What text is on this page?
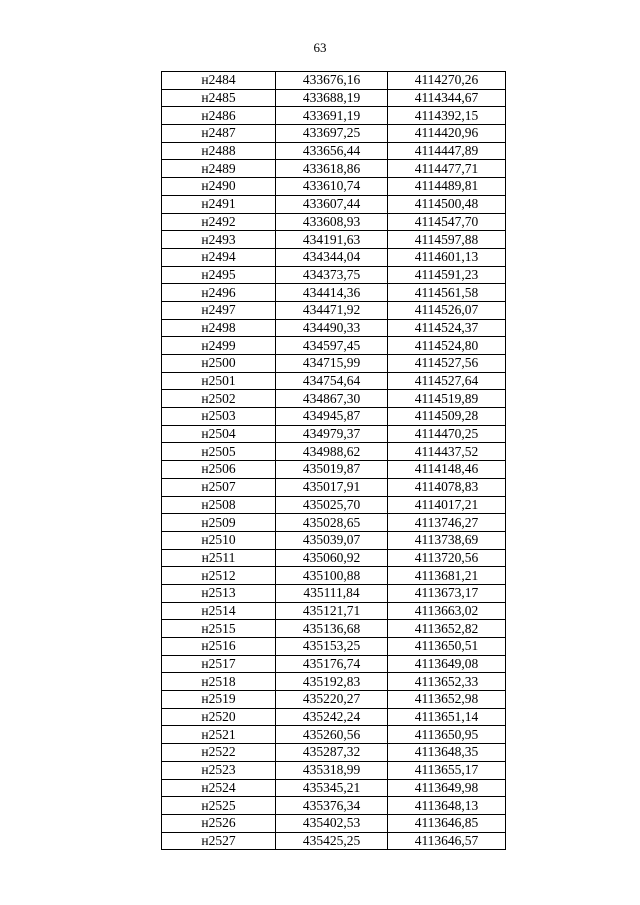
63
н2484	433676,16	4114270,26
н2485	433688,19	4114344,67
н2486	433691,19	4114392,15
н2487	433697,25	4114420,96
н2488	433656,44	4114447,89
н2489	433618,86	4114477,71
н2490	433610,74	4114489,81
н2491	433607,44	4114500,48
н2492	433608,93	4114547,70
н2493	434191,63	4114597,88
н2494	434344,04	4114601,13
н2495	434373,75	4114591,23
н2496	434414,36	4114561,58
н2497	434471,92	4114526,07
н2498	434490,33	4114524,37
н2499	434597,45	4114524,80
н2500	434715,99	4114527,56
н2501	434754,64	4114527,64
н2502	434867,30	4114519,89
н2503	434945,87	4114509,28
н2504	434979,37	4114470,25
н2505	434988,62	4114437,52
н2506	435019,87	4114148,46
н2507	435017,91	4114078,83
н2508	435025,70	4114017,21
н2509	435028,65	4113746,27
н2510	435039,07	4113738,69
н2511	435060,92	4113720,56
н2512	435100,88	4113681,21
н2513	435111,84	4113673,17
н2514	435121,71	4113663,02
н2515	435136,68	4113652,82
н2516	435153,25	4113650,51
н2517	435176,74	4113649,08
н2518	435192,83	4113652,33
н2519	435220,27	4113652,98
н2520	435242,24	4113651,14
н2521	435260,56	4113650,95
н2522	435287,32	4113648,35
н2523	435318,99	4113655,17
н2524	435345,21	4113649,98
н2525	435376,34	4113648,13
н2526	435402,53	4113646,85
н2527	435425,25	4113646,57
